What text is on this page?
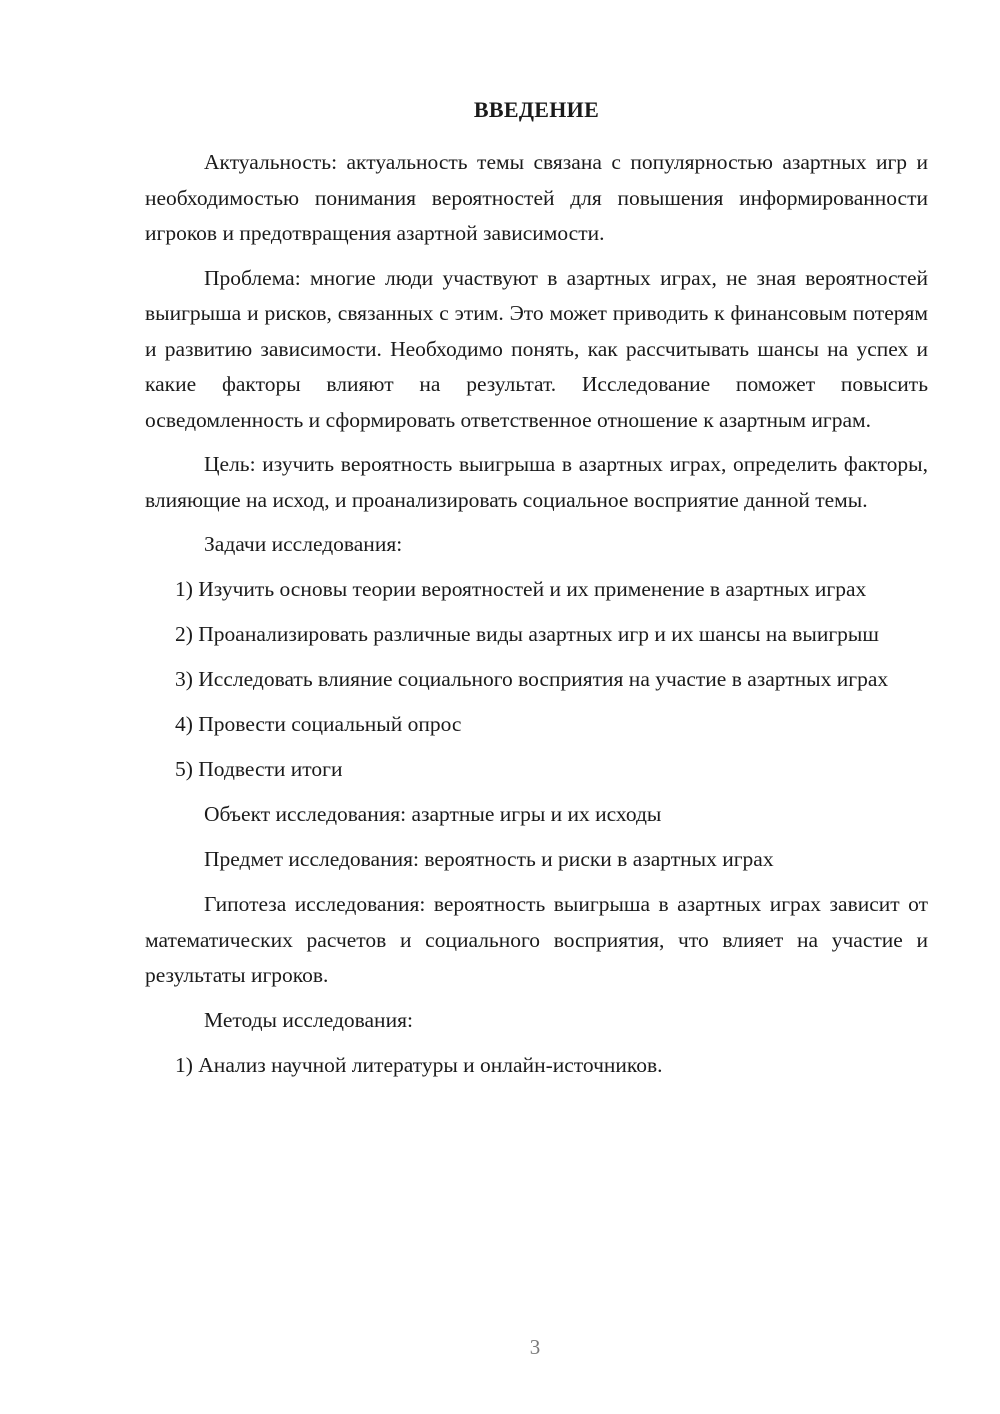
ВВЕДЕНИЕ

Актуальность: актуальность темы связана с популярностью азартных игр и необходимостью понимания вероятностей для повышения информированности игроков и предотвращения азартной зависимости.

Проблема: многие люди участвуют в азартных играх, не зная вероятностей выигрыша и рисков, связанных с этим. Это может приводить к финансовым потерям и развитию зависимости. Необходимо понять, как рассчитывать шансы на успех и какие факторы влияют на результат. Исследование поможет повысить осведомленность и сформировать ответственное отношение к азартным играм.

Цель: изучить вероятность выигрыша в азартных играх, определить факторы, влияющие на исход, и проанализировать социальное восприятие данной темы.

Задачи исследования:

1) Изучить основы теории вероятностей и их применение в азартных играх

2) Проанализировать различные виды азартных игр и их шансы на выигрыш

3) Исследовать влияние социального восприятия на участие в азартных играх

4) Провести социальный опрос

5) Подвести итоги

Объект исследования: азартные игры и их исходы

Предмет исследования: вероятность и риски в азартных играх

Гипотеза исследования: вероятность выигрыша в азартных играх зависит от математических расчетов и социального восприятия, что влияет на участие и результаты игроков.

Методы исследования:

1) Анализ научной литературы и онлайн-источников.

3
